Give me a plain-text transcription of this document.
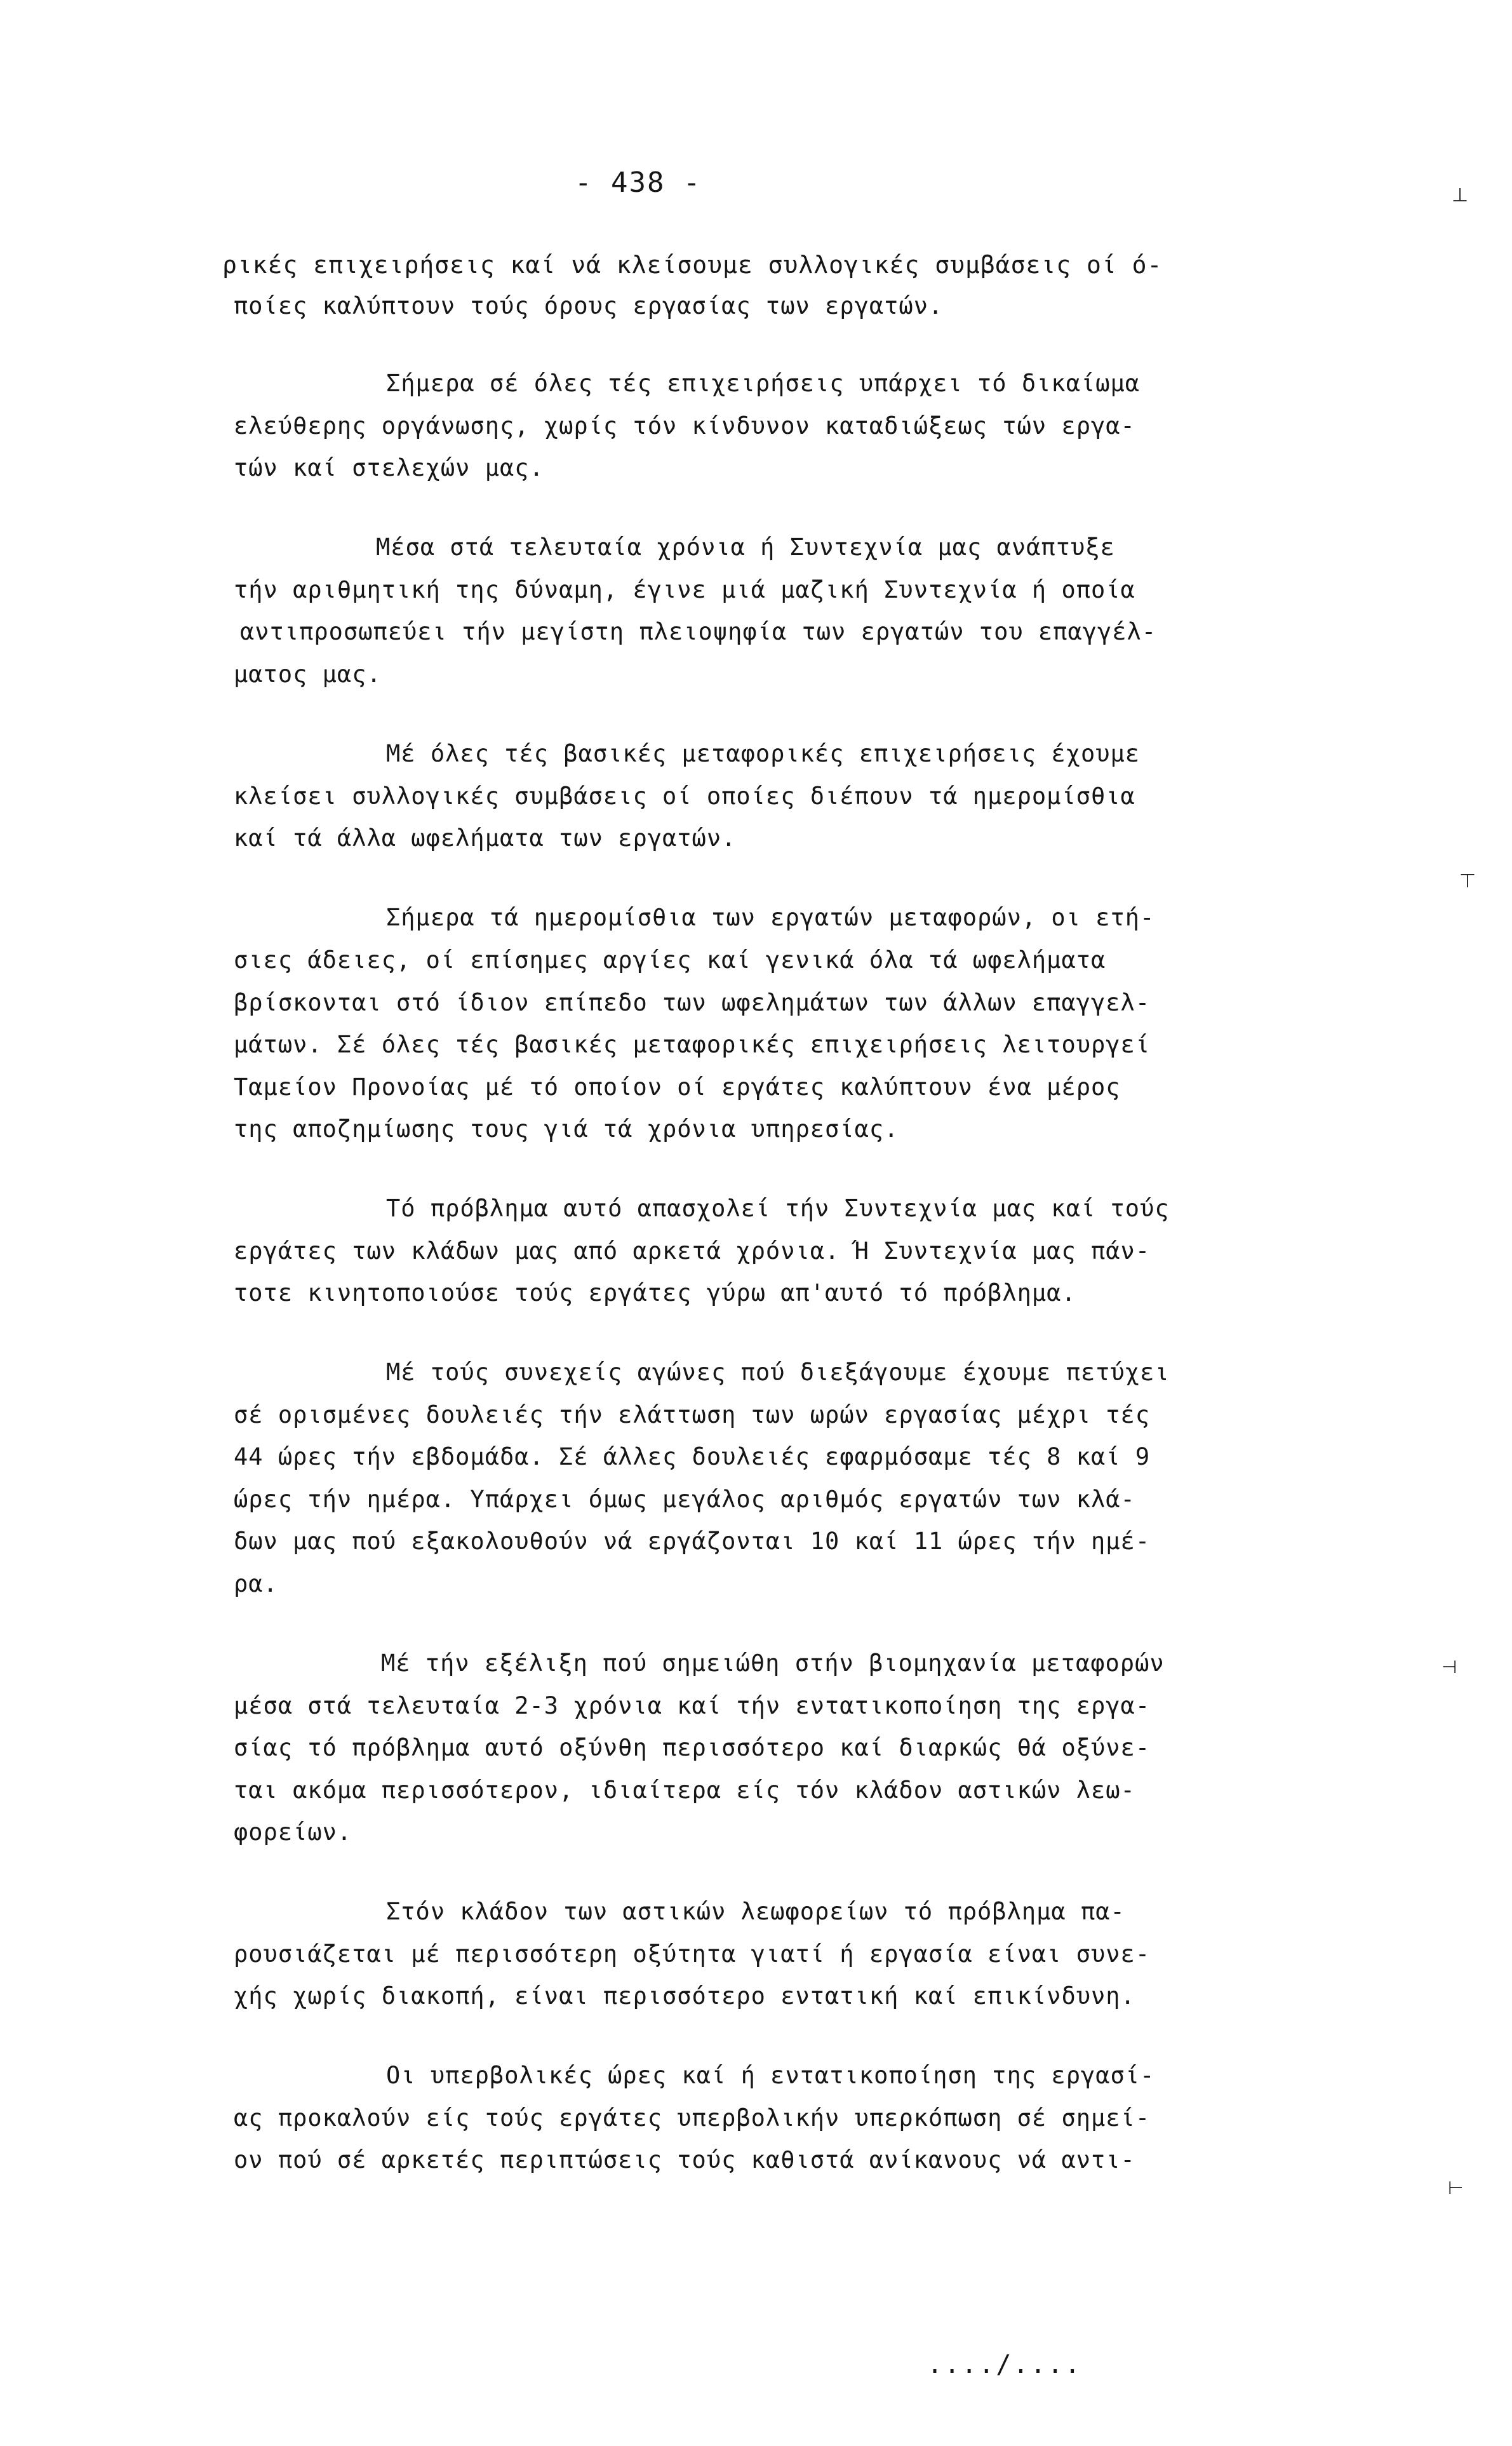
- 438 -
ρικές επιχειρήσεις καί νά κλείσουμε συλλογικές συμβάσεις οί ό-
ποίες καλύπτουν τούς όρους εργασίας των εργατών.
Σήμερα σέ όλες τές επιχειρήσεις υπάρχει τό δικαίωμα
ελεύθερης οργάνωσης, χωρίς τόν κίνδυνον καταδιώξεως τών εργα-
τών καί στελεχών μας.
Μέσα στά τελευταία χρόνια ή Συντεχνία μας ανάπτυξε
τήν αριθμητική της δύναμη, έγινε μιά μαζική Συντεχνία ή οποία
αντιπροσωπεύει τήν μεγίστη πλειοψηφία των εργατών του επαγγέλ-
ματος μας.
Μέ όλες τές βασικές μεταφορικές επιχειρήσεις έχουμε
κλείσει συλλογικές συμβάσεις οί οποίες διέπουν τά ημερομίσθια
καί τά άλλα ωφελήματα των εργατών.
Σήμερα τά ημερομίσθια των εργατών μεταφορών, οι ετή-
σιες άδειες, οί επίσημες αργίες καί γενικά όλα τά ωφελήματα
βρίσκονται στό ίδιον επίπεδο των ωφελημάτων των άλλων επαγγελ-
μάτων. Σέ όλες τές βασικές μεταφορικές επιχειρήσεις λειτουργεί
Ταμείον Προνοίας μέ τό οποίον οί εργάτες καλύπτουν ένα μέρος
της αποζημίωσης τους γιά τά χρόνια υπηρεσίας.
Τό πρόβλημα αυτό απασχολεί τήν Συντεχνία μας καί τούς
εργάτες των κλάδων μας από αρκετά χρόνια. Ή Συντεχνία μας πάν-
τοτε κινητοποιούσε τούς εργάτες γύρω απ'αυτό τό πρόβλημα.
Μέ τούς συνεχείς αγώνες πού διεξάγουμε έχουμε πετύχει
σέ ορισμένες δουλειές τήν ελάττωση των ωρών εργασίας μέχρι τές
44 ώρες τήν εβδομάδα. Σέ άλλες δουλειές εφαρμόσαμε τές 8 καί 9
ώρες τήν ημέρα. Υπάρχει όμως μεγάλος αριθμός εργατών των κλά-
δων μας πού εξακολουθούν νά εργάζονται 10 καί 11 ώρες τήν ημέ-
ρα.
Μέ τήν εξέλιξη πού σημειώθη στήν βιομηχανία μεταφορών
μέσα στά τελευταία 2-3 χρόνια καί τήν εντατικοποίηση της εργα-
σίας τό πρόβλημα αυτό οξύνθη περισσότερο καί διαρκώς θά οξύνε-
ται ακόμα περισσότερον, ιδιαίτερα είς τόν κλάδον αστικών λεω-
φορείων.
Στόν κλάδον των αστικών λεωφορείων τό πρόβλημα πα-
ρουσιάζεται μέ περισσότερη οξύτητα γιατί ή εργασία είναι συνε-
χής χωρίς διακοπή, είναι περισσότερο εντατική καί επικίνδυνη.
Οι υπερβολικές ώρες καί ή εντατικοποίηση της εργασί-
ας προκαλούν είς τούς εργάτες υπερβολικήν υπερκόπωση σέ σημεί-
ον πού σέ αρκετές περιπτώσεις τούς καθιστά ανίκανους νά αντι-
..../....
⊥
⊤
⊣
⊢
